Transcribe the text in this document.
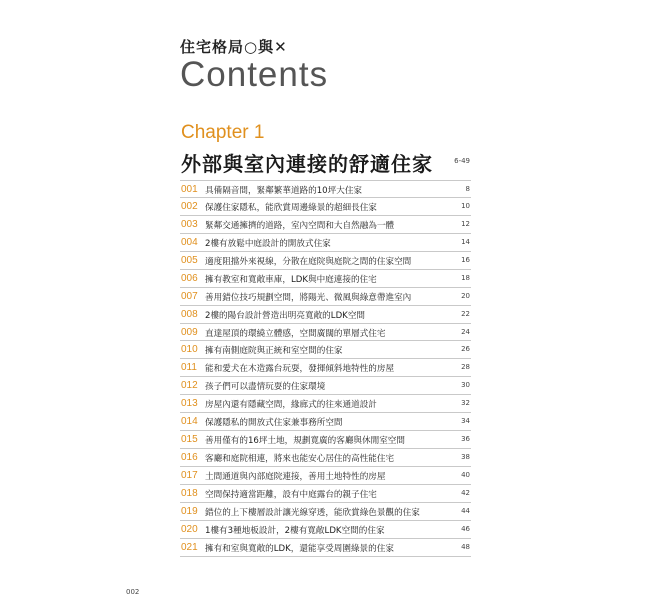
住宅格局○與✕
Contents
Chapter 1
外部與室內連接的舒適住家	6-49
001 具備隔音間，緊鄰繁華道路的10坪大住家	8
002 保護住家隱私，能欣賞周邊綠景的超細長住家	10
003 緊鄰交通擁擠的道路，室內空間和大自然融為一體	12
004 2樓有放鬆中庭設計的開放式住家	14
005 適度阻擋外來視線，分散在庭院與庭院之間的住家空間	16
006 擁有教室和寬敞車庫，LDK與中庭連接的住宅	18
007 善用錯位技巧規劃空間，將陽光、微風與綠意帶進室內	20
008 2樓的陽台設計營造出明亮寬敞的LDK空間	22
009 直達屋頂的環繞立體感，空間廣闊的單層式住宅	24
010 擁有南側庭院與正統和室空間的住家	26
011 能和愛犬在木造露台玩耍，發揮傾斜地特性的房屋	28
012 孩子們可以盡情玩耍的住家環境	30
013 房屋內還有隱藏空間，緣廊式的往來通道設計	32
014 保護隱私的開放式住家兼事務所空間	34
015 善用僅有的16坪土地，規劃寬廣的客廳與休閒室空間	36
016 客廳和庭院相連，將來也能安心居住的高性能住宅	38
017 土間通道與內部庭院連接，善用土地特性的房屋	40
018 空間保持適當距離，設有中庭露台的親子住宅	42
019 錯位的上下樓層設計讓光線穿透，能欣賞綠色景觀的住家	44
020 1樓有3種地板設計，2樓有寬敞LDK空間的住家	46
021 擁有和室與寬敞的LDK，還能享受周圍綠景的住家	48
002
